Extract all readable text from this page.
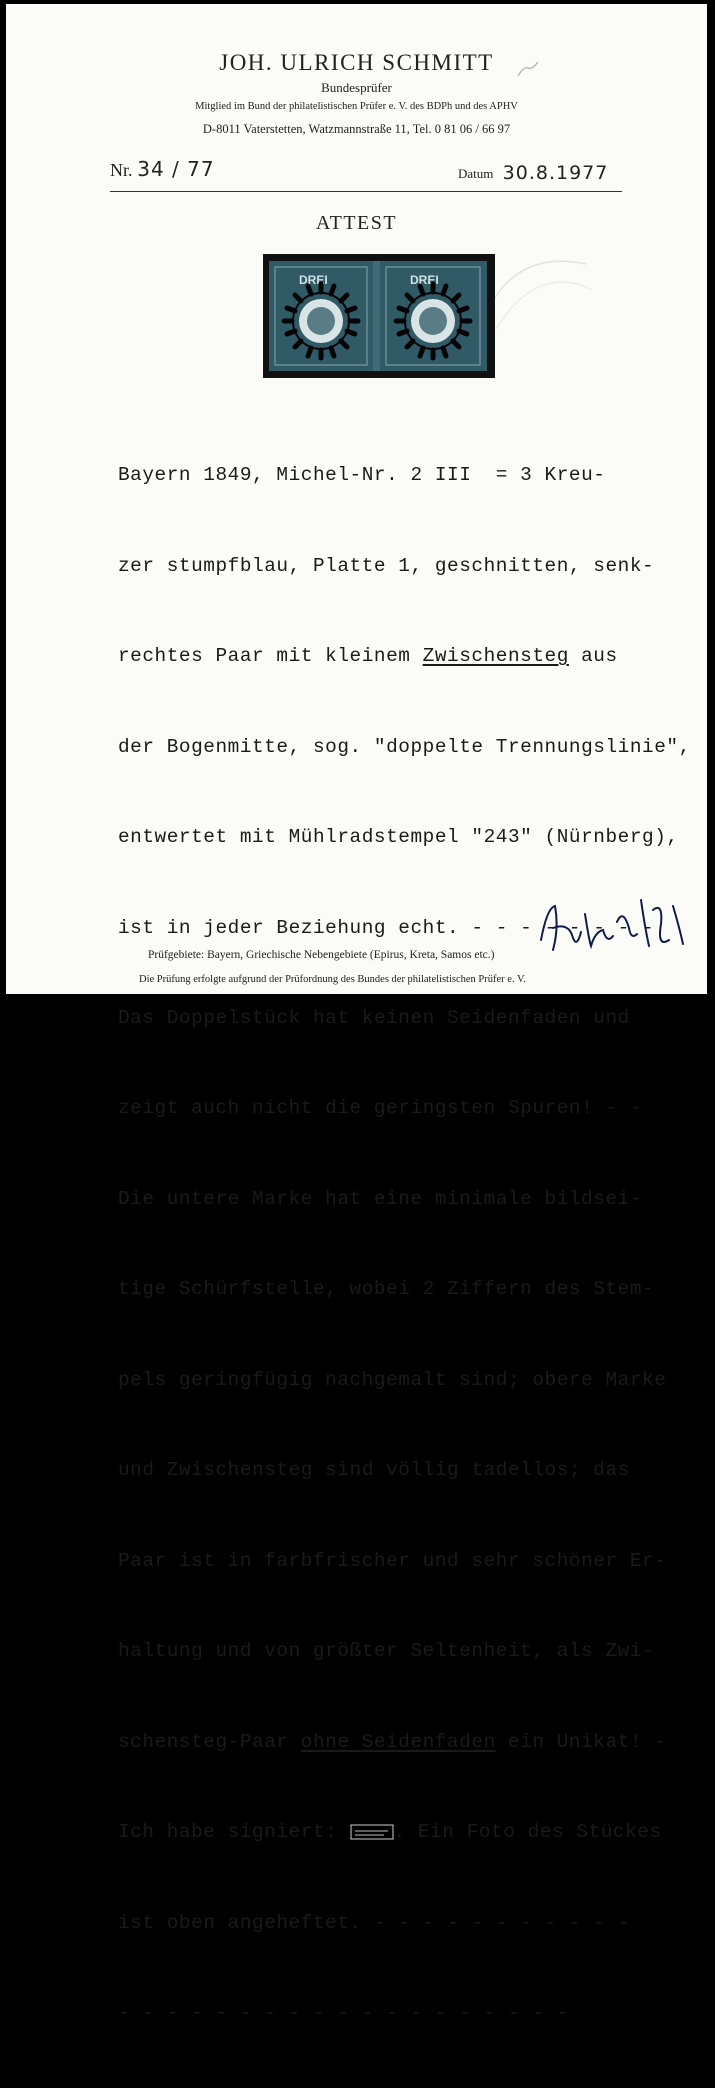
JOH. ULRICH SCHMITT
Bundesprüfer
Mitglied im Bund der philatelistischen Prüfer e. V. des BDPh und des APHV
D-8011 Vaterstetten, Watzmannstraße 11, Tel. 0 81 06 / 66 97
Nr. 34 / 77	Datum 30.8.1977
ATTEST
DREI	DREI

Bayern 1849, Michel-Nr. 2 III  = 3 Kreu-

zer stumpfblau, Platte 1, geschnitten, senk-

rechtes Paar mit kleinem Zwischensteg aus

der Bogenmitte, sog. "doppelte Trennungslinie",

entwertet mit Mühlradstempel "243" (Nürnberg),

ist in jeder Beziehung echt. - - - - - - - -

Das Doppelstück hat keinen Seidenfaden und

zeigt auch nicht die geringsten Spuren! - -

Die untere Marke hat eine minimale bildsei-

tige Schürfstelle, wobei 2 Ziffern des Stem-

pels geringfügig nachgemalt sind; obere Marke

und Zwischensteg sind völlig tadellos; das

Paar ist in farbfrischer und sehr schöner Er-

haltung und von größter Seltenheit, als Zwi-

schensteg-Paar ohne Seidenfaden ein Unikat! -

Ich habe signiert: . Ein Foto des Stückes

ist oben angeheftet. - - - - - - - - - - -

- - - - - - - - - - - - - - - - - - -

Prüfgebiete: Bayern, Griechische Nebengebiete (Epirus, Kreta, Samos etc.)
Die Prüfung erfolgte aufgrund der Prüfordnung des Bundes der philatelistischen Prüfer e. V.
